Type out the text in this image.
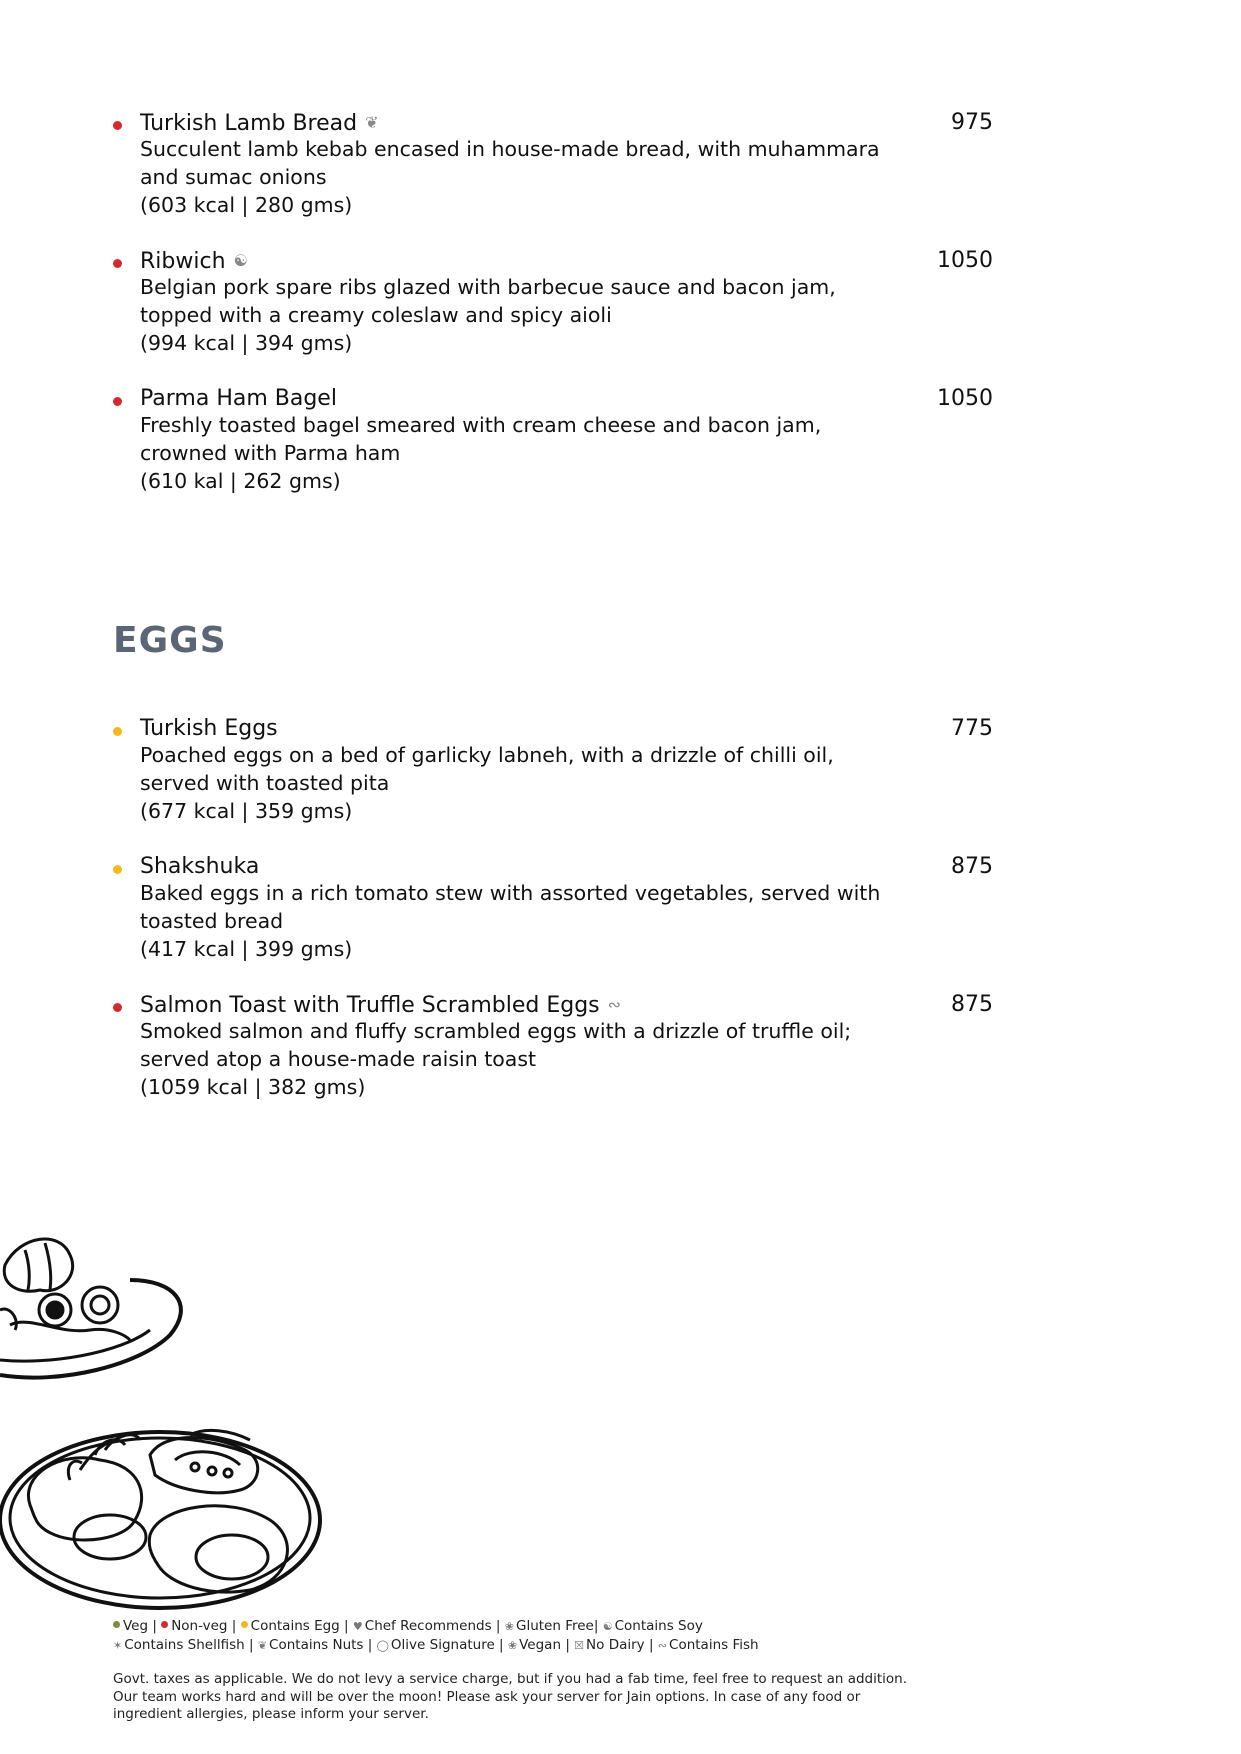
Turkish Lamb Bread ❦	975
Succulent lamb kebab encased in house-made bread, with muhammara and sumac onions
(603 kcal | 280 gms)
Ribwich ☯	1050
Belgian pork spare ribs glazed with barbecue sauce and bacon jam, topped with a creamy coleslaw and spicy aioli
(994 kcal | 394 gms)
Parma Ham Bagel	1050
Freshly toasted bagel smeared with cream cheese and bacon jam, crowned with Parma ham
(610 kal | 262 gms)
EGGS
Turkish Eggs	775
Poached eggs on a bed of garlicky labneh, with a drizzle of chilli oil, served with toasted pita
(677 kcal | 359 gms)
Shakshuka	875
Baked eggs in a rich tomato stew with assorted vegetables, served with toasted bread
(417 kcal | 399 gms)
Salmon Toast with Truffle Scrambled Eggs ∾	875
Smoked salmon and fluffy scrambled eggs with a drizzle of truffle oil; served atop a house-made raisin toast
(1059 kcal | 382 gms)
Veg | Non-veg | Contains Egg | ♥ Chef Recommends | ❀ Gluten Free| ☯ Contains Soy
✶ Contains Shellfish | ❦ Contains Nuts | ◯ Olive Signature | ❀ Vegan | ☒ No Dairy | ∾ Contains Fish
Govt. taxes as applicable. We do not levy a service charge, but if you had a fab time, feel free to request an addition. Our team works hard and will be over the moon! Please ask your server for Jain options. In case of any food or ingredient allergies, please inform your server.
